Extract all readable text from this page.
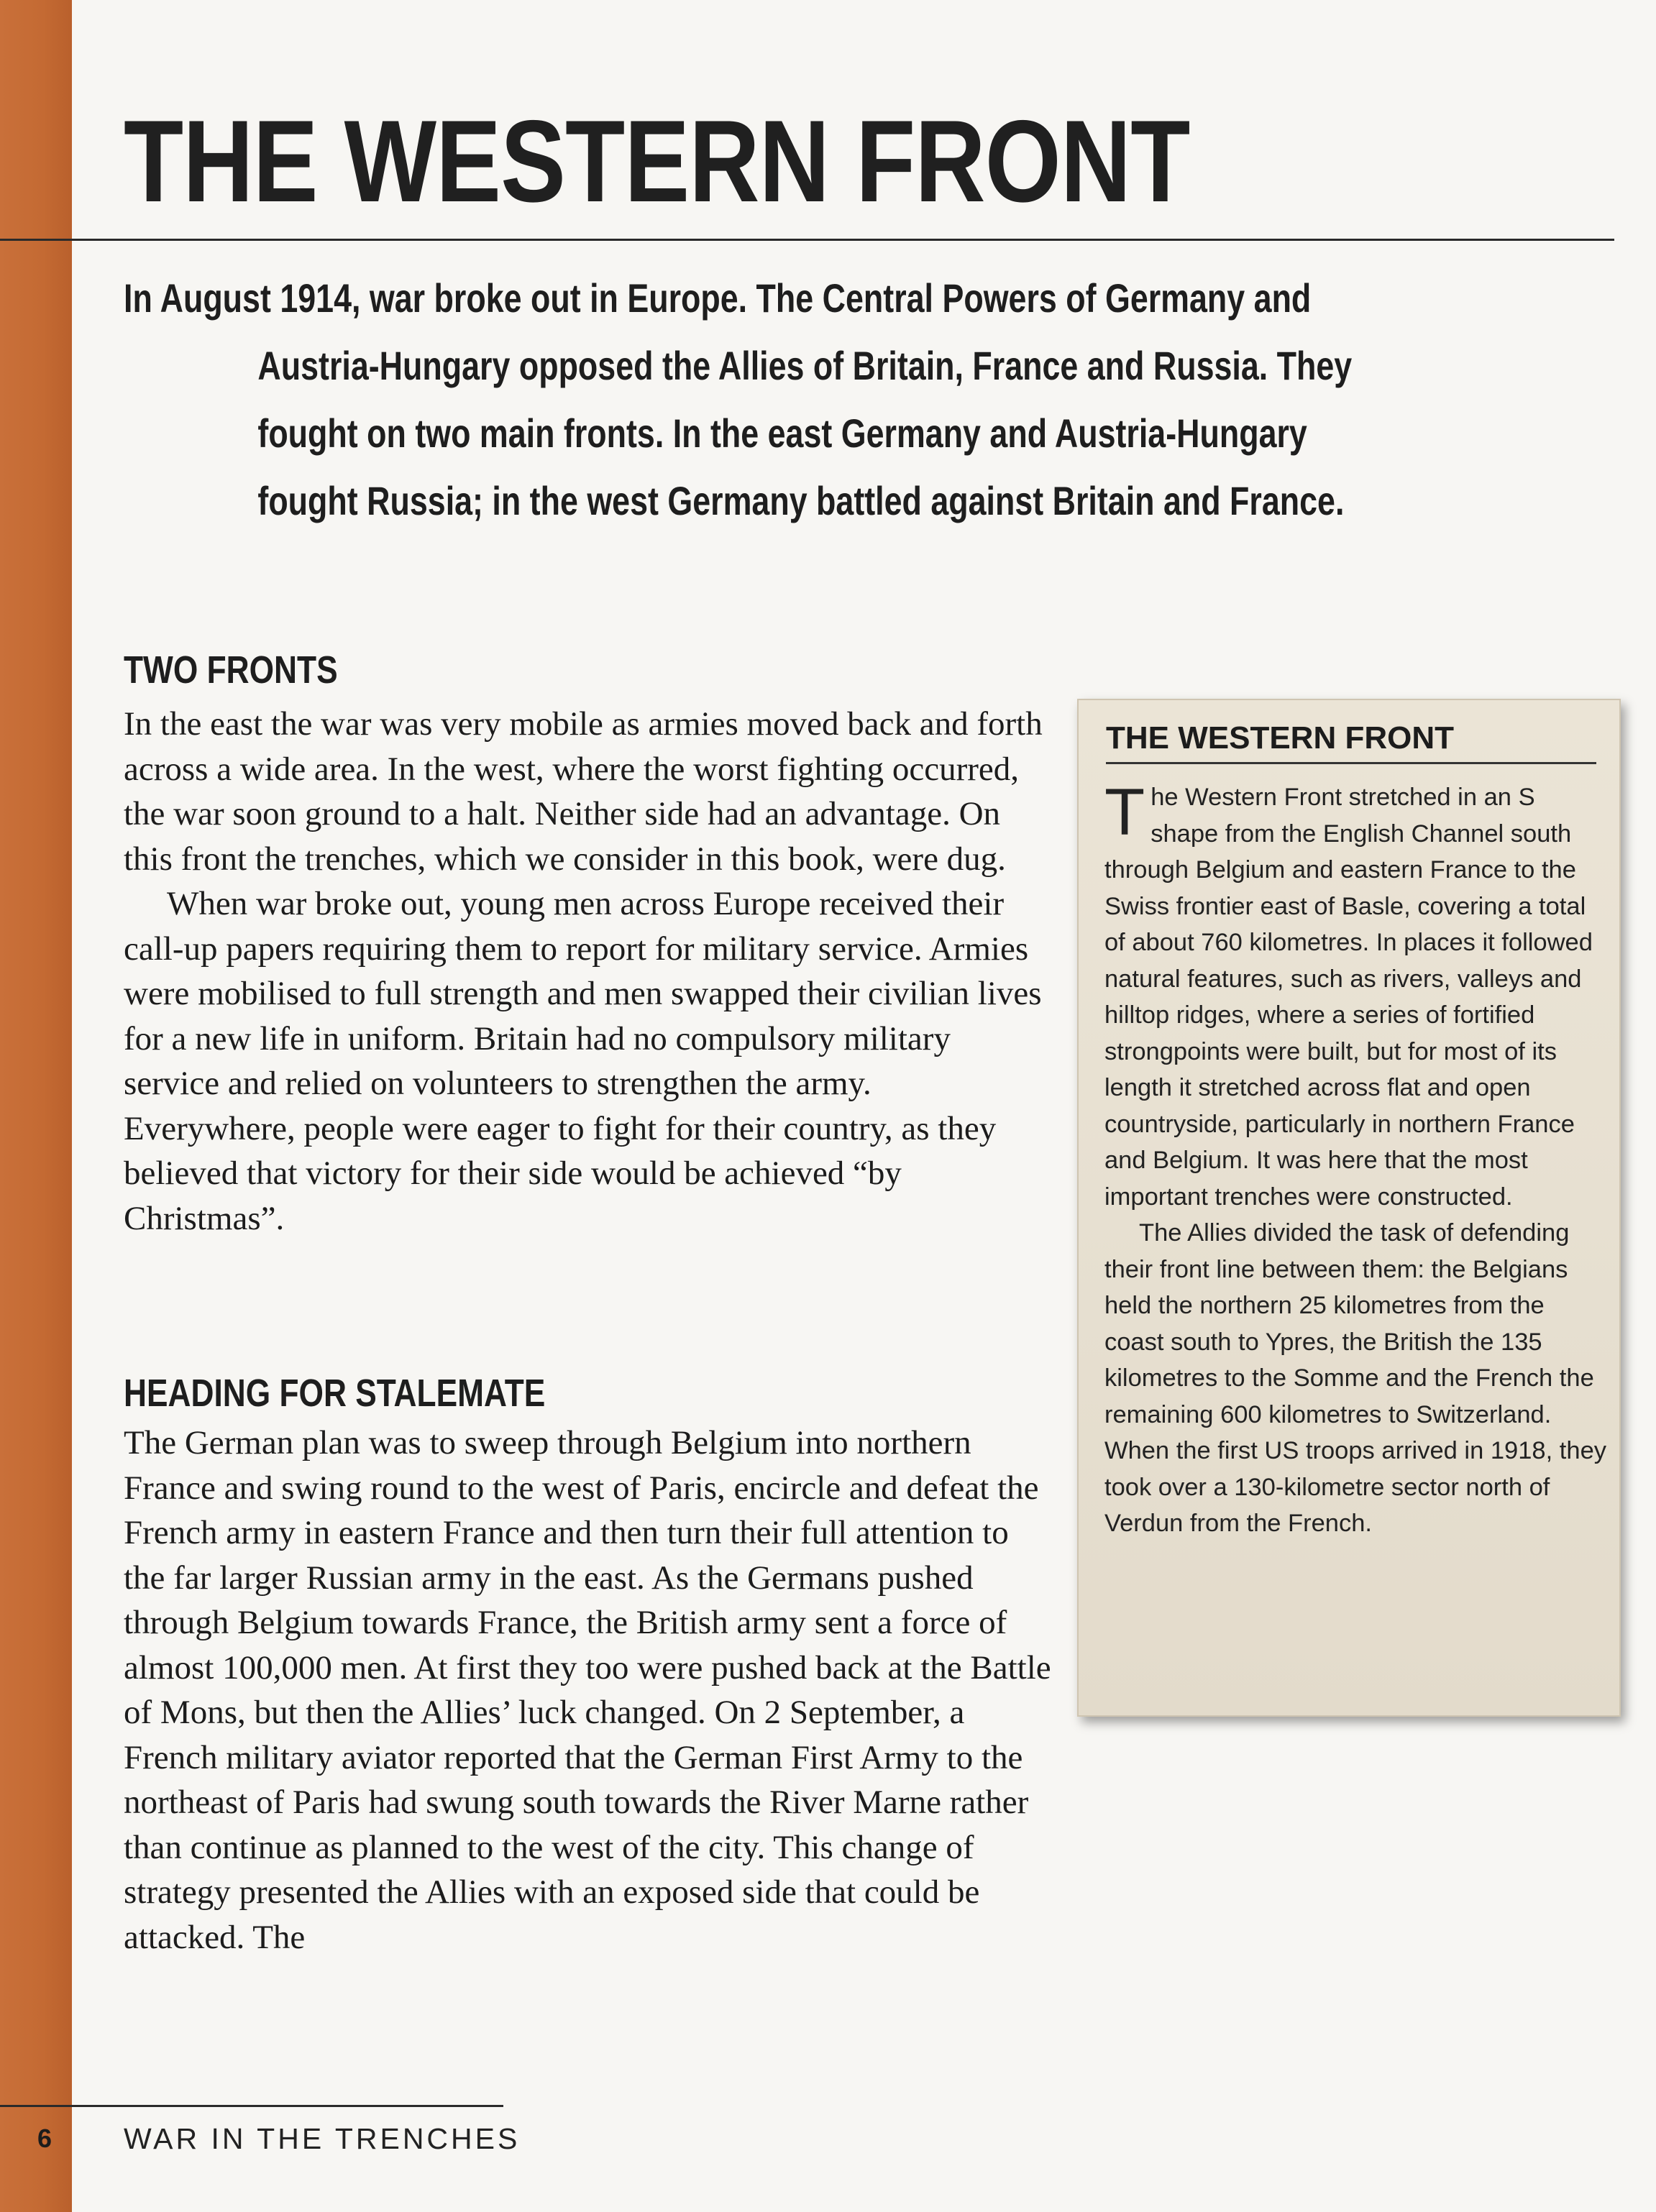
THE WESTERN FRONT
In August 1914, war broke out in Europe. The Central Powers of Germany and
Austria-Hungary opposed the Allies of Britain, France and Russia. They
fought on two main fronts. In the east Germany and Austria-Hungary
fought Russia; in the west Germany battled against Britain and France.
TWO FRONTS

In the east the war was very mobile as armies moved back and forth across a wide area. In the west, where the worst fighting occurred, the war soon ground to a halt. Neither side had an advantage. On this front the trenches, which we consider in this book, were dug.

When war broke out, young men across Europe received their call-up papers requiring them to report for military service. Armies were mobilised to full strength and men swapped their civilian lives for a new life in uniform. Britain had no compulsory military service and relied on volunteers to strengthen the army. Everywhere, people were eager to fight for their country, as they believed that victory for their side would be achieved “by Christmas”.

HEADING FOR STALEMATE

The German plan was to sweep through Belgium into northern France and swing round to the west of Paris, encircle and defeat the French army in eastern France and then turn their full attention to the far larger Russian army in the east. As the Germans pushed through Belgium towards France, the British army sent a force of almost 100,000 men. At first they too were pushed back at the Battle of Mons, but then the Allies’ luck changed. On 2 September, a French military aviator reported that the German First Army to the northeast of Paris had swung south towards the River Marne rather than continue as planned to the west of the city. This change of strategy presented the Allies with an exposed side that could be attacked. The

THE WESTERN FRONT

The Western Front stretched in an S shape from the English Channel south through Belgium and eastern France to the Swiss frontier east of Basle, covering a total of about 760 kilometres. In places it followed natural features, such as rivers, valleys and hilltop ridges, where a series of fortified strongpoints were built, but for most of its length it stretched across flat and open countryside, particularly in northern France and Belgium. It was here that the most important trenches were constructed.

The Allies divided the task of defending their front line between them: the Belgians held the northern 25 kilometres from the coast south to Ypres, the British the 135 kilometres to the Somme and the French the remaining 600 kilometres to Switzerland. When the first US troops arrived in 1918, they took over a 130-kilometre sector north of Verdun from the French.

6 WAR IN THE TRENCHES
